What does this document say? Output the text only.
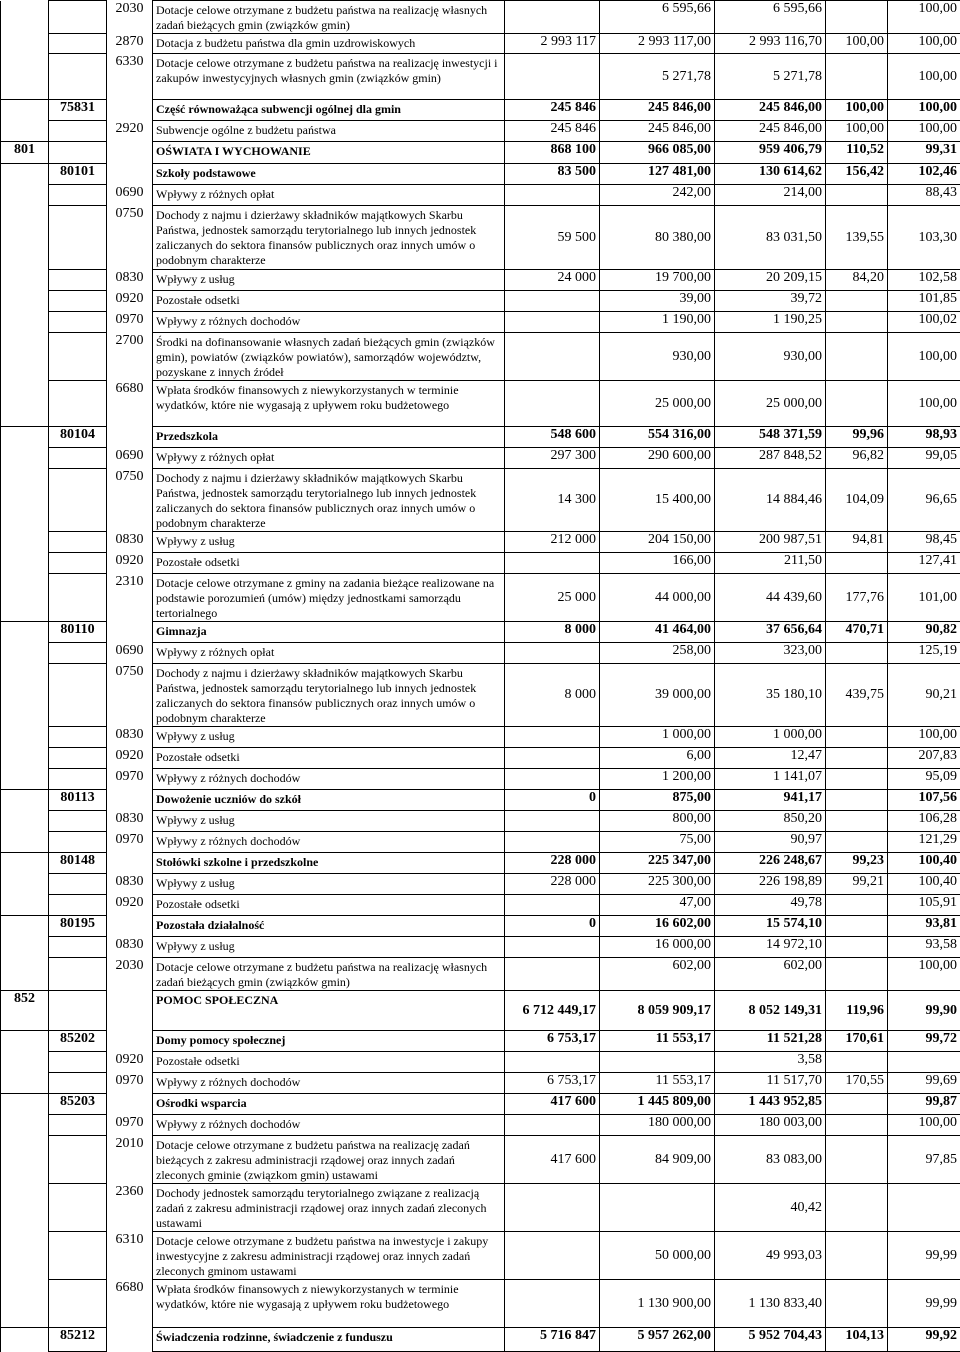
		2030	Dotacje celowe otrzymane z budżetu państwa na realizację własnych zadań bieżących gmin (związków gmin)		6 595,66	6 595,66		100,00
		2870	Dotacja z budżetu państwa dla gmin uzdrowiskowych	2 993 117	2 993 117,00	2 993 116,70	100,00	100,00
		6330	Dotacje celowe otrzymane z budżetu państwa na realizację inwestycji i zakupów inwestycyjnych własnych gmin (związków gmin)		5 271,78	5 271,78		100,00
	75831		Część równoważąca subwencji ogólnej dla gmin	245 846	245 846,00	245 846,00	100,00	100,00
		2920	Subwencje ogólne z budżetu państwa	245 846	245 846,00	245 846,00	100,00	100,00
801			OŚWIATA I WYCHOWANIE	868 100	966 085,00	959 406,79	110,52	99,31
	80101		Szkoły podstawowe	83 500	127 481,00	130 614,62	156,42	102,46
		0690	Wpływy z różnych opłat		242,00	214,00		88,43
		0750	Dochody z najmu i dzierżawy składników majątkowych Skarbu Państwa, jednostek samorządu terytorialnego lub innych jednostek zaliczanych do sektora finansów publicznych oraz innych umów o podobnym charakterze	59 500	80 380,00	83 031,50	139,55	103,30
		0830	Wpływy z usług	24 000	19 700,00	20 209,15	84,20	102,58
		0920	Pozostałe odsetki		39,00	39,72		101,85
		0970	Wpływy z różnych dochodów		1 190,00	1 190,25		100,02
		2700	Środki na dofinansowanie własnych zadań bieżących gmin (związków gmin), powiatów (związków powiatów), samorządów województw, pozyskane z innych źródeł		930,00	930,00		100,00
		6680	Wpłata środków finansowych z niewykorzystanych w terminie wydatków, które nie wygasają z upływem roku budżetowego		25 000,00	25 000,00		100,00
	80104		Przedszkola	548 600	554 316,00	548 371,59	99,96	98,93
		0690	Wpływy z różnych opłat	297 300	290 600,00	287 848,52	96,82	99,05
		0750	Dochody z najmu i dzierżawy składników majątkowych Skarbu Państwa, jednostek samorządu terytorialnego lub innych jednostek zaliczanych do sektora finansów publicznych oraz innych umów o podobnym charakterze	14 300	15 400,00	14 884,46	104,09	96,65
		0830	Wpływy z usług	212 000	204 150,00	200 987,51	94,81	98,45
		0920	Pozostałe odsetki		166,00	211,50		127,41
		2310	Dotacje celowe otrzymane z gminy na zadania bieżące realizowane na podstawie porozumień (umów) między jednostkami samorządu tertorialnego	25 000	44 000,00	44 439,60	177,76	101,00
	80110		Gimnazja	8 000	41 464,00	37 656,64	470,71	90,82
		0690	Wpływy z różnych opłat		258,00	323,00		125,19
		0750	Dochody z najmu i dzierżawy składników majątkowych Skarbu Państwa, jednostek samorządu terytorialnego lub innych jednostek zaliczanych do sektora finansów publicznych oraz innych umów o podobnym charakterze	8 000	39 000,00	35 180,10	439,75	90,21
		0830	Wpływy z usług		1 000,00	1 000,00		100,00
		0920	Pozostałe odsetki		6,00	12,47		207,83
		0970	Wpływy z różnych dochodów		1 200,00	1 141,07		95,09
	80113		Dowożenie uczniów do szkół	0	875,00	941,17		107,56
		0830	Wpływy z usług		800,00	850,20		106,28
		0970	Wpływy z różnych dochodów		75,00	90,97		121,29
	80148		Stołówki szkolne i przedszkolne	228 000	225 347,00	226 248,67	99,23	100,40
		0830	Wpływy z usług	228 000	225 300,00	226 198,89	99,21	100,40
		0920	Pozostałe odsetki		47,00	49,78		105,91
	80195		Pozostała działalność	0	16 602,00	15 574,10		93,81
		0830	Wpływy z usług		16 000,00	14 972,10		93,58
		2030	Dotacje celowe otrzymane z budżetu państwa na realizację własnych zadań bieżących gmin (związków gmin)		602,00	602,00		100,00
852			POMOC SPOŁECZNA	6 712 449,17	8 059 909,17	8 052 149,31	119,96	99,90
	85202		Domy pomocy społecznej	6 753,17	11 553,17	11 521,28	170,61	99,72
		0920	Pozostałe odsetki			3,58		
		0970	Wpływy z różnych dochodów	6 753,17	11 553,17	11 517,70	170,55	99,69
	85203		Ośrodki wsparcia	417 600	1 445 809,00	1 443 952,85		99,87
		0970	Wpływy z różnych dochodów		180 000,00	180 003,00		100,00
		2010	Dotacje celowe otrzymane z budżetu państwa na realizację zadań bieżących z zakresu administracji rządowej oraz innych zadań zleconych gminie (związkom gmin) ustawami	417 600	84 909,00	83 083,00		97,85
		2360	Dochody jednostek samorządu terytorialnego związane z realizacją zadań z zakresu administracji rządowej oraz innych zadań zleconych ustawami			40,42		
		6310	Dotacje celowe otrzymane z budżetu państwa na inwestycje i zakupy inwestycyjne z zakresu administracji rządowej oraz innych zadań zleconych gminom ustawami		50 000,00	49 993,03		99,99
		6680	Wpłata środków finansowych z niewykorzystanych w terminie wydatków, które nie wygasają z upływem roku budżetowego		1 130 900,00	1 130 833,40		99,99
	85212		Świadczenia rodzinne, świadczenie z funduszu	5 716 847	5 957 262,00	5 952 704,43	104,13	99,92
